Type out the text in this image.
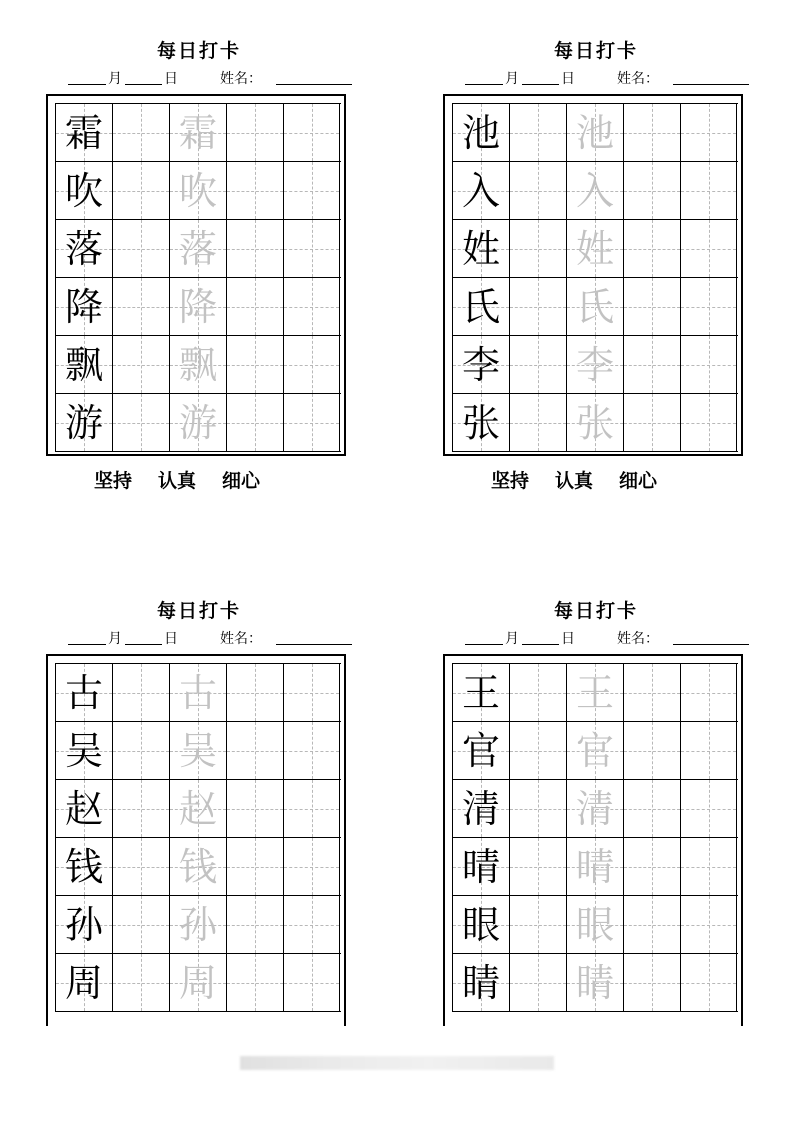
每日打卡
月	日	姓名：
霜 霜
吹 吹
落 落
降 降
飘 飘
游 游
坚持 认真 细心
每日打卡
月	日	姓名：
池 池
入 入
姓 姓
氏 氏
李 李
张 张
坚持 认真 细心
每日打卡
月	日	姓名：
古 古
吴 吴
赵 赵
钱 钱
孙 孙
周 周
每日打卡
月	日	姓名：
王 王
官 官
清 清
晴 晴
眼 眼
睛 睛
